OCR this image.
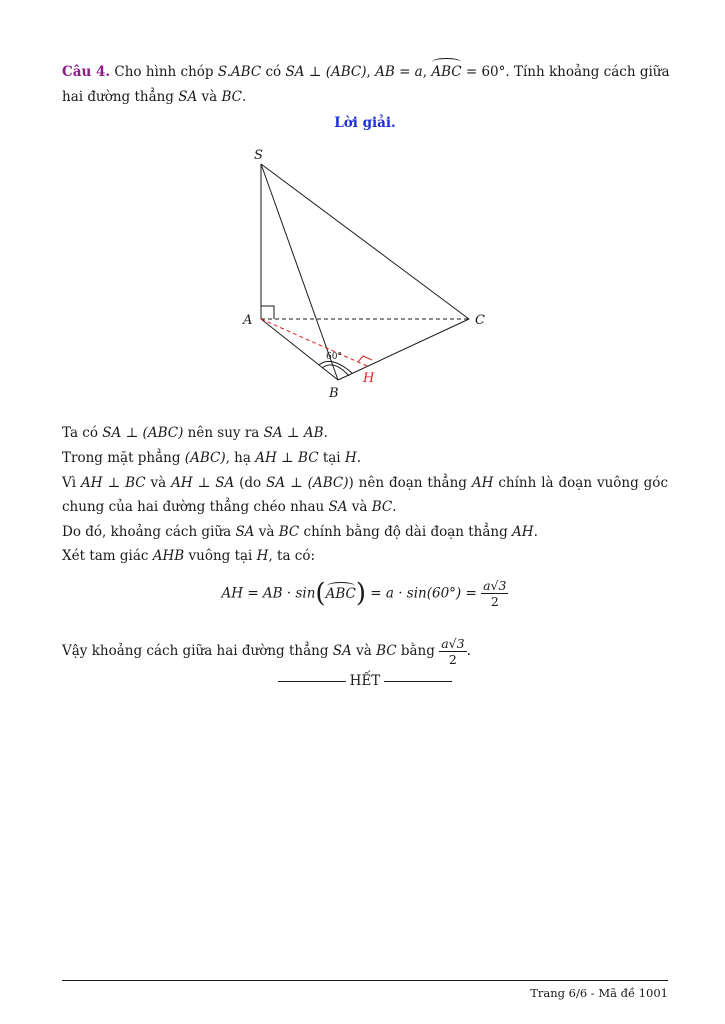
Câu 4. Cho hình chóp S.ABC có SA ⊥ (ABC), AB = a, ABC = 60°. Tính khoảng cách giữa
hai đường thẳng SA và BC.
Lời giải.
S
A
B
C
H
60°
Ta có SA ⊥ (ABC) nên suy ra SA ⊥ AB.
Trong mặt phẳng (ABC), hạ AH ⊥ BC tại H.
Vì AH ⊥ BC và AH ⊥ SA (do SA ⊥ (ABC)) nên đoạn thẳng AH chính là đoạn vuông góc
chung của hai đường thẳng chéo nhau SA và BC.
Do đó, khoảng cách giữa SA và BC chính bằng độ dài đoạn thẳng AH.
Xét tam giác AHB vuông tại H, ta có:
AH = AB · $\sin(ABC) = a \cdot \sin(60^\circ) = \frac{a√3}{2}$
Vậy khoảng cách giữa hai đường thẳng SA và BC bằng $\frac{a√3}{2}$ .
HẾT
Trang 6/6 - Mã đề 1001
